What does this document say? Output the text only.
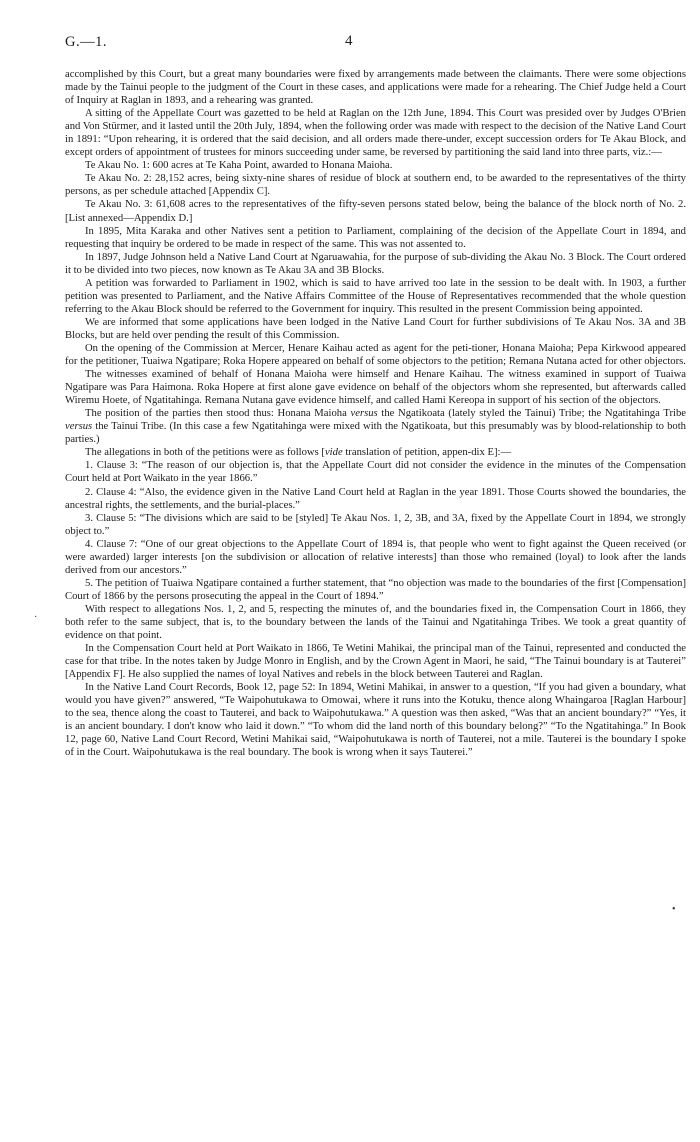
G.—1.	4
·
•

accomplished by this Court, but a great many boundaries were fixed by arrangements made between the claimants. There were some objections made by the Tainui people to the judgment of the Court in these cases, and applications were made for a rehearing. The Chief Judge held a Court of Inquiry at Raglan in 1893, and a rehearing was granted.

A sitting of the Appellate Court was gazetted to be held at Raglan on the 12th June, 1894. This Court was presided over by Judges O'Brien and Von Stürmer, and it lasted until the 20th July, 1894, when the following order was made with respect to the decision of the Native Land Court in 1891: “Upon rehearing, it is ordered that the said decision, and all orders made there-under, except succession orders for Te Akau Block, and except orders of appointment of trustees for minors succeeding under same, be reversed by partitioning the said land into three parts, viz.:—

Te Akau No. 1: 600 acres at Te Kaha Point, awarded to Honana Maioha.

Te Akau No. 2: 28,152 acres, being sixty-nine shares of residue of block at southern end, to be awarded to the representatives of the thirty persons, as per schedule attached [Appendix C].

Te Akau No. 3: 61,608 acres to the representatives of the fifty-seven persons stated below, being the balance of the block north of No. 2. [List annexed—Appendix D.]

In 1895, Mita Karaka and other Natives sent a petition to Parliament, complaining of the decision of the Appellate Court in 1894, and requesting that inquiry be ordered to be made in respect of the same. This was not assented to.

In 1897, Judge Johnson held a Native Land Court at Ngaruawahia, for the purpose of sub-dividing the Akau No. 3 Block. The Court ordered it to be divided into two pieces, now known as Te Akau 3A and 3B Blocks.

A petition was forwarded to Parliament in 1902, which is said to have arrived too late in the session to be dealt with. In 1903, a further petition was presented to Parliament, and the Native Affairs Committee of the House of Representatives recommended that the whole question referring to the Akau Block should be referred to the Government for inquiry. This resulted in the present Commission being appointed.

We are informed that some applications have been lodged in the Native Land Court for further subdivisions of Te Akau Nos. 3A and 3B Blocks, but are held over pending the result of this Commission.

On the opening of the Commission at Mercer, Henare Kaihau acted as agent for the peti-tioner, Honana Maioha; Pepa Kirkwood appeared for the petitioner, Tuaiwa Ngatipare; Roka Hopere appeared on behalf of some objectors to the petition; Remana Nutana acted for other objectors.

The witnesses examined of behalf of Honana Maioha were himself and Henare Kaihau. The witness examined in support of Tuaiwa Ngatipare was Para Haimona. Roka Hopere at first alone gave evidence on behalf of the objectors whom she represented, but afterwards called Wiremu Hoete, of Ngatitahinga. Remana Nutana gave evidence himself, and called Hami Kereopa in support of his section of the objectors.

The position of the parties then stood thus: Honana Maioha versus the Ngatikoata (lately styled the Tainui) Tribe; the Ngatitahinga Tribe versus the Tainui Tribe. (In this case a few Ngatitahinga were mixed with the Ngatikoata, but this presumably was by blood-relationship to both parties.)

The allegations in both of the petitions were as follows [vide translation of petition, appen-dix E]:—

1. Clause 3: “The reason of our objection is, that the Appellate Court did not consider the evidence in the minutes of the Compensation Court held at Port Waikato in the year 1866.”

2. Clause 4: “Also, the evidence given in the Native Land Court held at Raglan in the year 1891. Those Courts showed the boundaries, the ancestral rights, the settlements, and the burial-places.”

3. Clause 5: “The divisions which are said to be [styled] Te Akau Nos. 1, 2, 3B, and 3A, fixed by the Appellate Court in 1894, we strongly object to.”

4. Clause 7: “One of our great objections to the Appellate Court of 1894 is, that people who went to fight against the Queen received (or were awarded) larger interests [on the subdivision or allocation of relative interests] than those who remained (loyal) to look after the lands derived from our ancestors.”

5. The petition of Tuaiwa Ngatipare contained a further statement, that “no objection was made to the boundaries of the first [Compensation] Court of 1866 by the persons prosecuting the appeal in the Court of 1894.”

With respect to allegations Nos. 1, 2, and 5, respecting the minutes of, and the boundaries fixed in, the Compensation Court in 1866, they both refer to the same subject, that is, to the boundary between the lands of the Tainui and Ngatitahinga Tribes. We took a great quantity of evidence on that point.

In the Compensation Court held at Port Waikato in 1866, Te Wetini Mahikai, the principal man of the Tainui, represented and conducted the case for that tribe. In the notes taken by Judge Monro in English, and by the Crown Agent in Maori, he said, “The Tainui boundary is at Tauterei” [Appendix F]. He also supplied the names of loyal Natives and rebels in the block between Tauterei and Raglan.

In the Native Land Court Records, Book 12, page 52: In 1894, Wetini Mahikai, in answer to a question, “If you had given a boundary, what would you have given?” answered, “Te Waipohutukawa to Omowai, where it runs into the Kotuku, thence along Whaingaroa [Raglan Harbour] to the sea, thence along the coast to Tauterei, and back to Waipohutukawa.” A question was then asked, “Was that an ancient boundary?” “Yes, it is an ancient boundary. I don't know who laid it down.” “To whom did the land north of this boundary belong?” “To the Ngatitahinga.” In Book 12, page 60, Native Land Court Record, Wetini Mahikai said, “Waipohutukawa is north of Tauterei, not a mile. Tauterei is the boundary I spoke of in the Court. Waipohutukawa is the real boundary. The book is wrong when it says Tauterei.”
